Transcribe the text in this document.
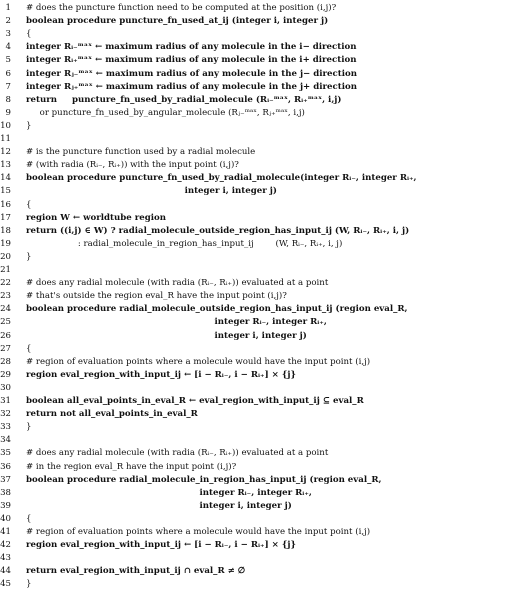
1 # does the puncture function need to be computed at the position (i,j)?
2 boolean procedure puncture_fn_used_at_ij (integer i, integer j)
3 {
4 integer Rᵢ₋ᵐᵃˣ ← maximum radius of any molecule in the i− direction
5 integer Rᵢ₊ᵐᵃˣ ← maximum radius of any molecule in the i+ direction
6 integer Rⱼ₋ᵐᵃˣ ← maximum radius of any molecule in the j− direction
7 integer Rⱼ₊ᵐᵃˣ ← maximum radius of any molecule in the j+ direction
8 return     puncture_fn_used_by_radial_molecule (Rᵢ₋ᵐᵃˣ, Rᵢ₊ᵐᵃˣ, i,j)
9 or puncture_fn_used_by_angular_molecule (Rⱼ₋ᵐᵃˣ, Rⱼ₊ᵐᵃˣ, i,j)
10 }
11
12 # is the puncture function used by a radial molecule
13 # (with radia (Rᵢ₋, Rᵢ₊)) with the input point (i,j)?
14 boolean procedure puncture_fn_used_by_radial_molecule(integer Rᵢ₋, integer Rᵢ₊,
15 integer i, integer j)
16 {
17 region W ← worldtube region
18 return ((i,j) ∈ W) ? radial_molecule_outside_region_has_input_ij (W, Rᵢ₋, Rᵢ₊, i, j)
19 : radial_molecule_in_region_has_input_ij        (W, Rᵢ₋, Rᵢ₊, i, j)
20 }
21
22 # does any radial molecule (with radia (Rᵢ₋, Rᵢ₊)) evaluated at a point
23 # that's outside the region eval_R have the input point (i,j)?
24 boolean procedure radial_molecule_outside_region_has_input_ij (region eval_R,
25 integer Rᵢ₋, integer Rᵢ₊,
26 integer i, integer j)
27 {
28 # region of evaluation points where a molecule would have the input point (i,j)
29 region eval_region_with_input_ij ← [i − Rᵢ₋, i − Rᵢ₊] × {j}
30
31 boolean all_eval_points_in_eval_R ← eval_region_with_input_ij ⊆ eval_R
32 return not all_eval_points_in_eval_R
33 }
34
35 # does any radial molecule (with radia (Rᵢ₋, Rᵢ₊)) evaluated at a point
36 # in the region eval_R have the input point (i,j)?
37 boolean procedure radial_molecule_in_region_has_input_ij (region eval_R,
38 integer Rᵢ₋, integer Rᵢ₊,
39 integer i, integer j)
40 {
41 # region of evaluation points where a molecule would have the input point (i,j)
42 region eval_region_with_input_ij ← [i − Rᵢ₋, i − Rᵢ₊] × {j}
43
44 return eval_region_with_input_ij ∩ eval_R ≠ ∅
45 }
